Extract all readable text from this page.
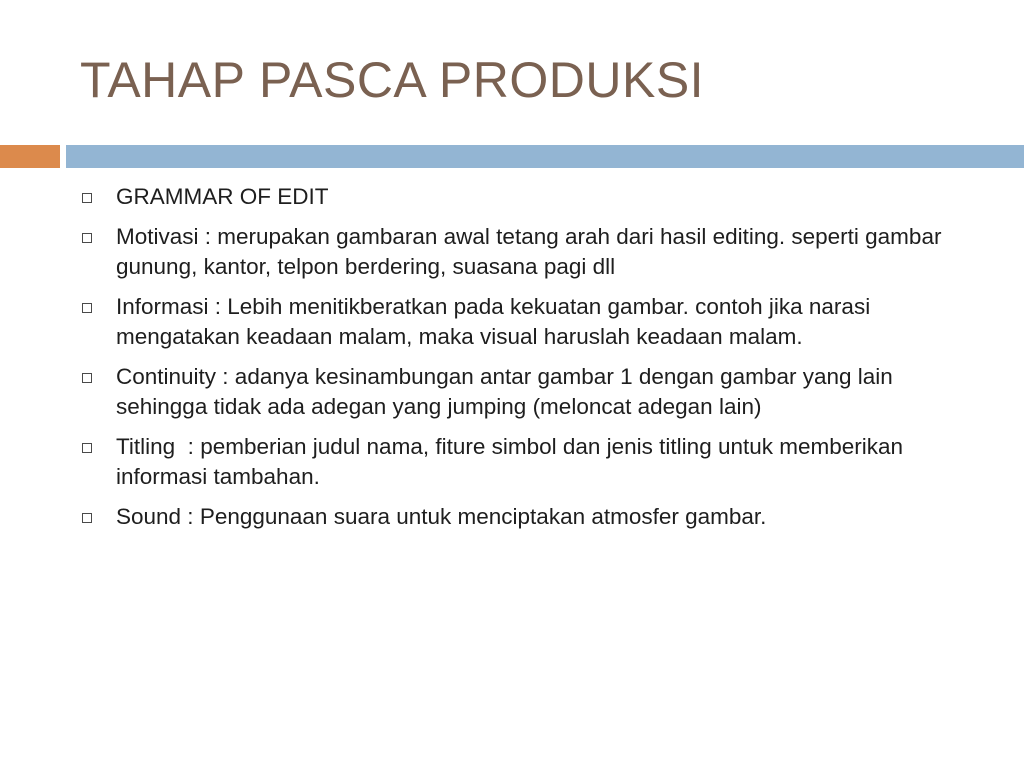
TAHAP PASCA PRODUKSI
GRAMMAR OF EDIT
Motivasi : merupakan gambaran awal tetang arah dari hasil editing. seperti gambar gunung, kantor, telpon berdering, suasana pagi dll
Informasi : Lebih menitikberatkan pada kekuatan gambar. contoh jika narasi mengatakan keadaan malam, maka visual haruslah keadaan malam.
Continuity : adanya kesinambungan antar gambar 1 dengan gambar yang lain sehingga tidak ada adegan yang jumping (meloncat adegan lain)
Titling  : pemberian judul nama, fiture simbol dan jenis titling untuk memberikan informasi tambahan.
Sound : Penggunaan suara untuk menciptakan atmosfer gambar.
